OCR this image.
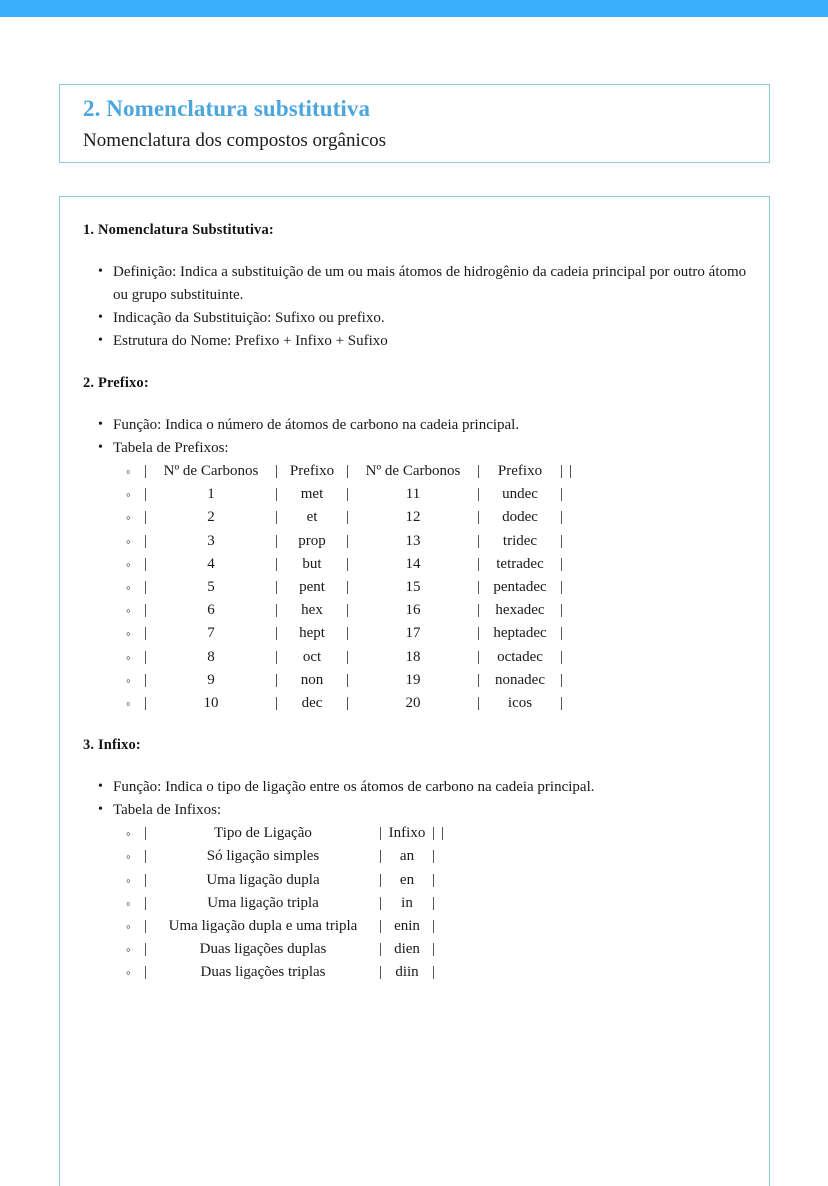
2. Nomenclatura substitutiva
Nomenclatura dos compostos orgânicos
1. Nomenclatura Substitutiva:
• Definição: Indica a substituição de um ou mais átomos de hidrogênio da cadeia principal por outro átomo ou grupo substituinte.
• Indicação da Substituição: Sufixo ou prefixo.
• Estrutura do Nome: Prefixo + Infixo + Sufixo
2. Prefixo:
• Função: Indica o número de átomos de carbono na cadeia principal.
• Tabela de Prefixos:
◦ | Nº de Carbonos | Prefixo | Nº de Carbonos | Prefixo | |
◦ |	1	| met |	11	| undec |
◦ |	2	| et |	12	| dodec |
◦ |	3	| prop |	13	| tridec |
◦ |	4	| but |	14	| tetradec |
◦ |	5	| pent |	15	| pentadec |
◦ |	6	| hex |	16	| hexadec |
◦ |	7	| hept |	17	| heptadec |
◦ |	8	| oct |	18	| octadec |
◦ |	9	| non |	19	| nonadec |
◦ |	10	| dec |	20	| icos |
3. Infixo:
• Função: Indica o tipo de ligação entre os átomos de carbono na cadeia principal.
• Tabela de Infixos:
◦ |	Tipo de Ligação	| Infixo | |
◦ |	Só ligação simples	| an |
◦ |	Uma ligação dupla	| en |
◦ |	Uma ligação tripla	| in |
◦ | Uma ligação dupla e uma tripla | enin |
◦ |	Duas ligações duplas	| dien |
◦ |	Duas ligações triplas	| diin |
